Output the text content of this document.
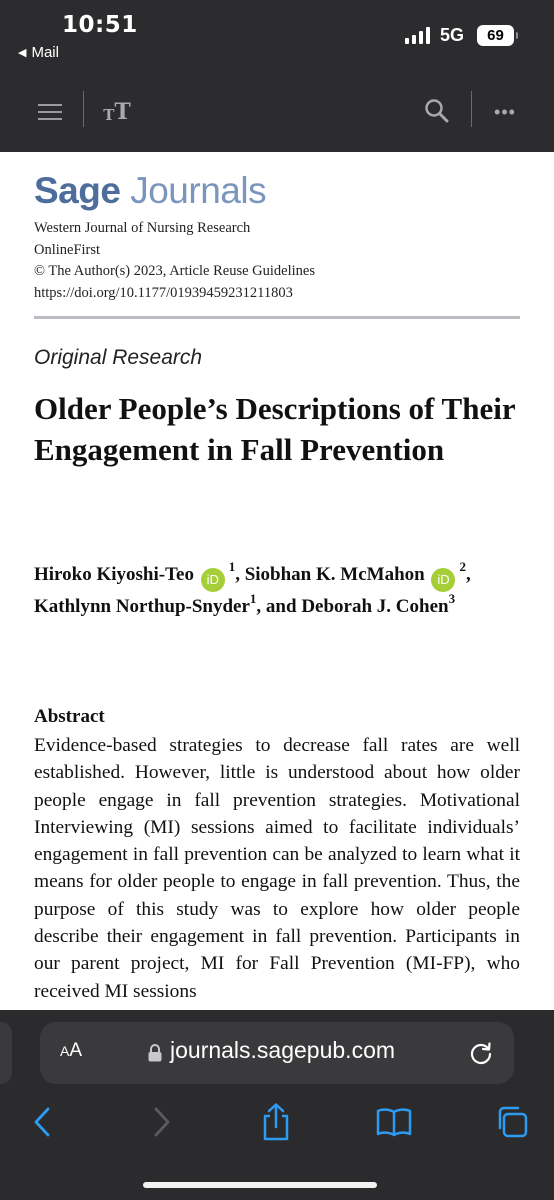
10:51
◀ Mail
5G 69
T T	•••
Sage Journals
Western Journal of Nursing Research
OnlineFirst
© The Author(s) 2023, Article Reuse Guidelines
https://doi.org/10.1177/01939459231211803
Original Research
Older People’s Descriptions of Their Engagement in Fall Prevention
Hiroko Kiyoshi-Teo $iD^1$, Siobhan K. McMahon $iD^2$, Kathlynn Northup-Snyder$^1$, and Deborah J. Cohen$^3$
Abstract
Evidence-based strategies to decrease fall rates are well established. However, little is understood about how older people engage in fall prevention strategies. Motivational Interviewing (MI) sessions aimed to facilitate individuals’ engagement in fall prevention can be analyzed to learn what it means for older people to engage in fall prevention. Thus, the purpose of this study was to explore how older people describe their engagement in fall prevention. Participants in our parent project, MI for Fall Prevention (MI-FP), who received MI sessions
AA	journals.sagepub.com
